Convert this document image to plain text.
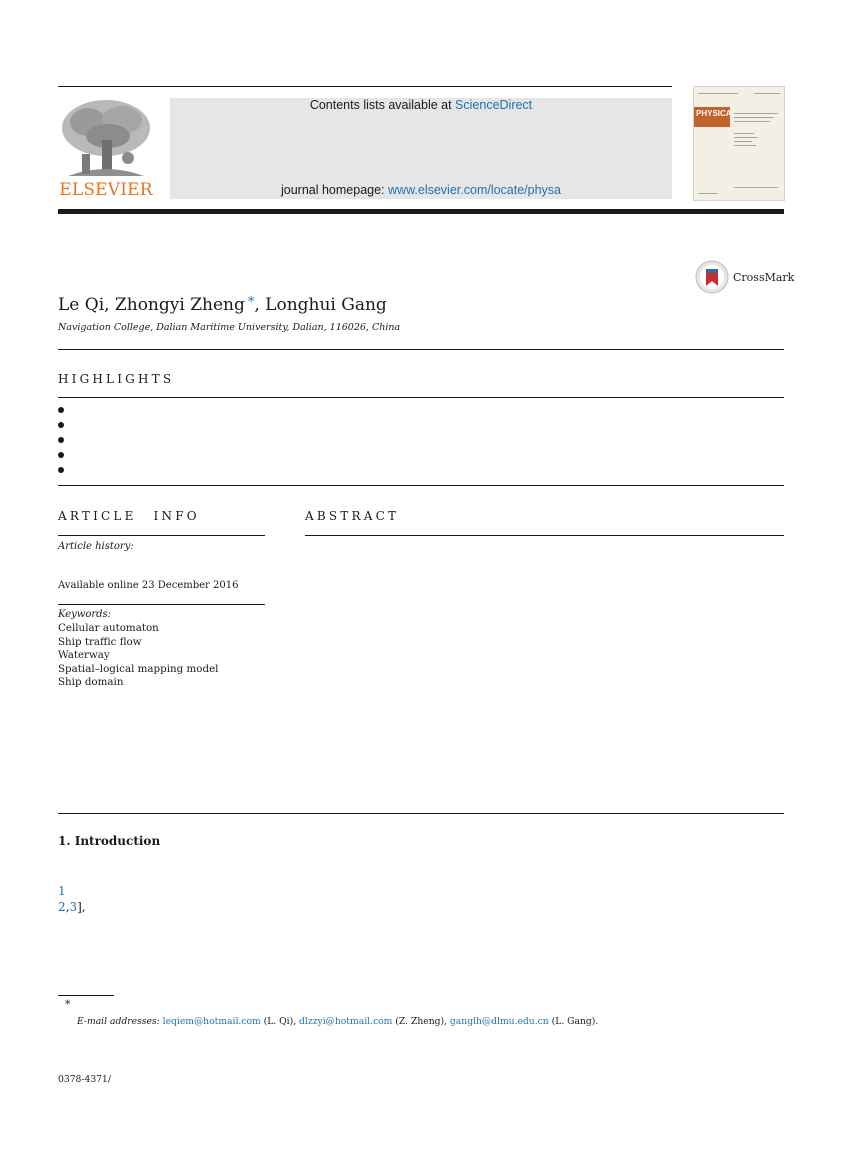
ELSEVIER
Contents lists available at ScienceDirect
journal homepage: www.elsevier.com/locate/physa
PHYSICA
CrossMark
Le Qi, Zhongyi Zheng *, Longhui Gang
Navigation College, Dalian Maritime University, Dalian, 116026, China
HIGHLIGHTS
ARTICLE INFO
Article history:
Available online 23 December 2016
Keywords:
Cellular automaton
Ship traffic flow
Waterway
Spatial–logical mapping model
Ship domain
ABSTRACT
1. Introduction
1
2,3],
*
E-mail addresses: leqiem@hotmail.com (L. Qi), dlzzyi@hotmail.com (Z. Zheng), ganglh@dlmu.edu.cn (L. Gang).
0378-4371/
